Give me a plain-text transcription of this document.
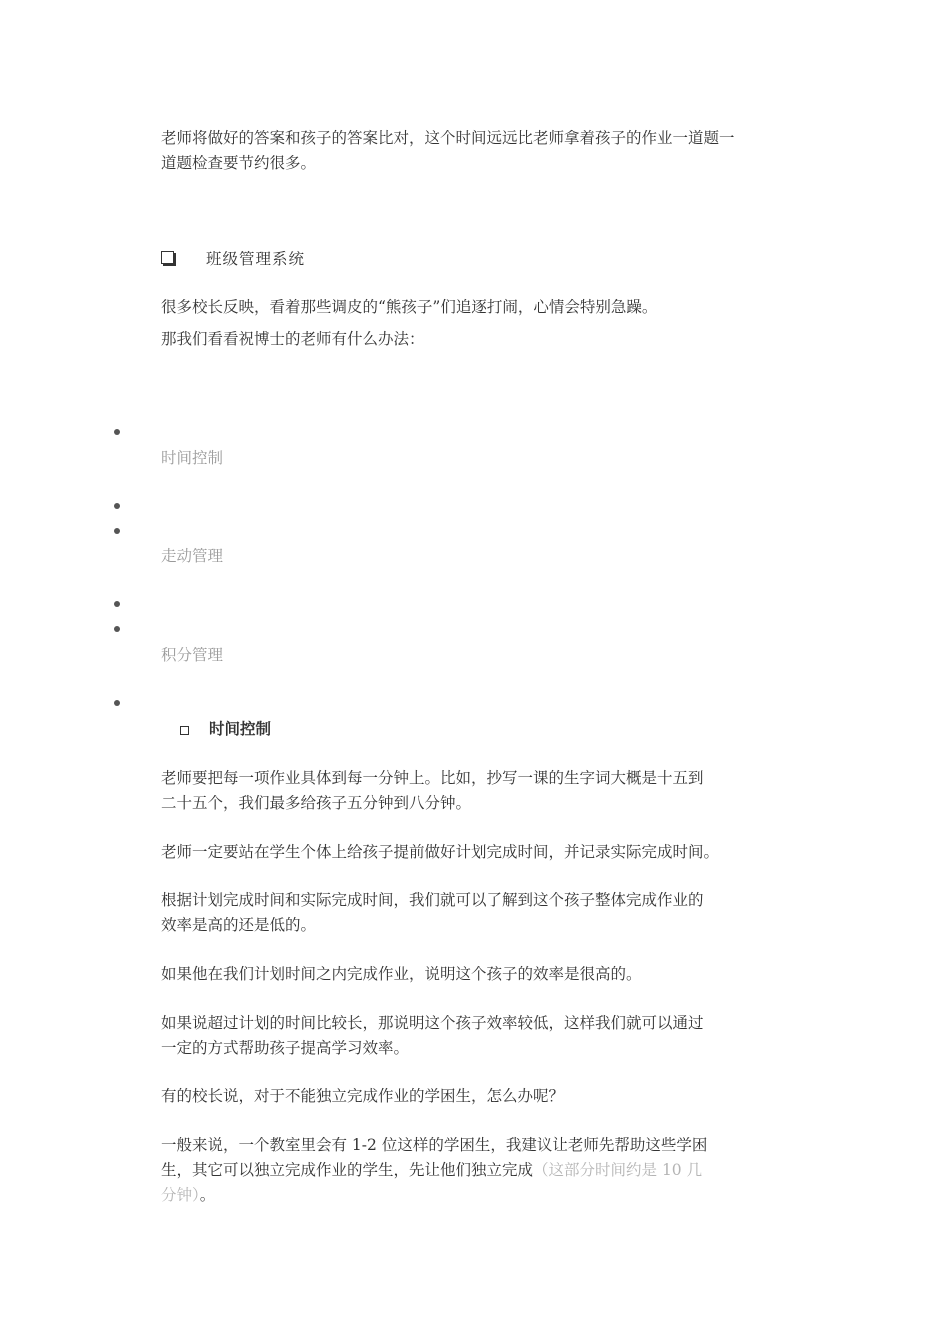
老师将做好的答案和孩子的答案比对，这个时间远远比老师拿着孩子的作业一道题一
道题检查要节约很多。
班级管理系统
很多校长反映，看着那些调皮的“熊孩子”们追逐打闹，心情会特别急躁。
那我们看看祝博士的老师有什么办法：
时间控制
走动管理
积分管理
时间控制
老师要把每一项作业具体到每一分钟上。比如，抄写一课的生字词大概是十五到
二十五个，我们最多给孩子五分钟到八分钟。
老师一定要站在学生个体上给孩子提前做好计划完成时间，并记录实际完成时间。
根据计划完成时间和实际完成时间，我们就可以了解到这个孩子整体完成作业的
效率是高的还是低的。
如果他在我们计划时间之内完成作业，说明这个孩子的效率是很高的。
如果说超过计划的时间比较长，那说明这个孩子效率较低，这样我们就可以通过
一定的方式帮助孩子提高学习效率。
有的校长说，对于不能独立完成作业的学困生，怎么办呢？
一般来说，一个教室里会有 1-2 位这样的学困生，我建议让老师先帮助这些学困
生，其它可以独立完成作业的学生，先让他们独立完成（这部分时间约是 10 几
分钟）。
